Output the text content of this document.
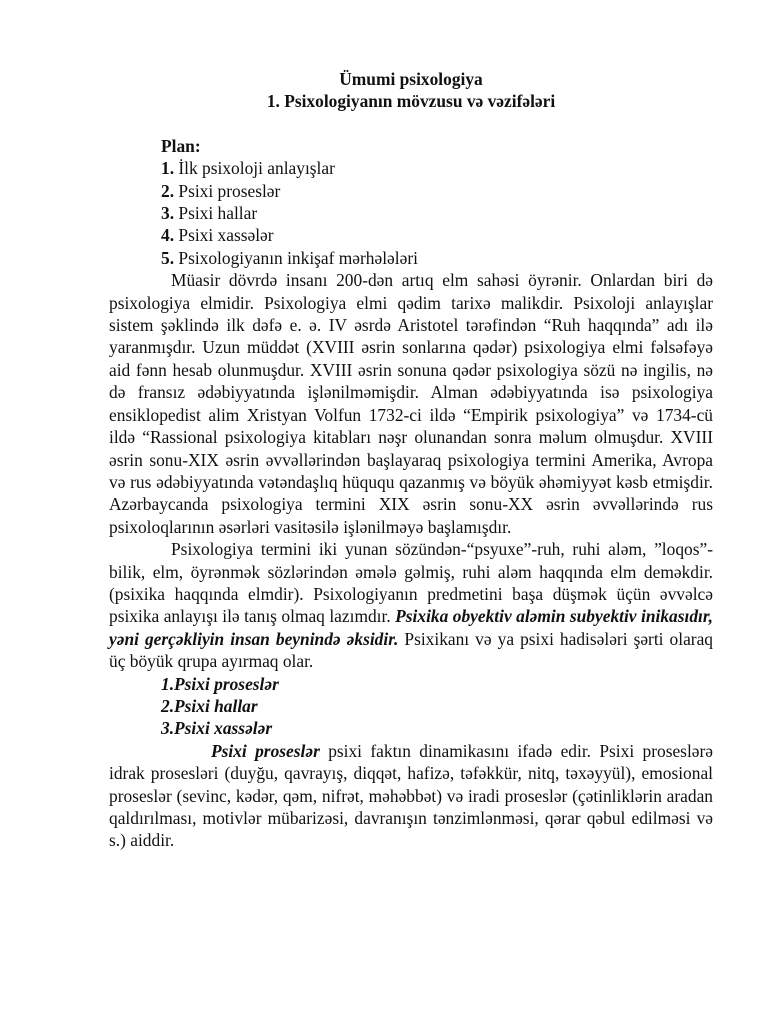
Ümumi psixologiya

1. Psixologiyanın mövzusu və vəzifələri

Plan:

1. İlk psixoloji anlayışlar
2. Psixi proseslər
3. Psixi hallar
4. Psixi xassələr
5. Psixologiyanın inkişaf mərhələləri

Müasir dövrdə insanı 200-dən artıq elm sahəsi öyrənir. Onlardan biri də psixologiya elmidir. Psixologiya elmi qədim tarixə malikdir. Psixoloji anlayışlar sistem şəklində ilk dəfə e. ə. IV əsrdə Aristotel tərəfindən “Ruh haqqında” adı ilə yaranmışdır. Uzun müddət (XVIII əsrin sonlarına qədər) psixologiya elmi fəlsəfəyə aid fənn hesab olunmuşdur. XVIII əsrin sonuna qədər psixologiya sözü nə ingilis, nə də fransız ədəbiyyatında işlənilməmişdir. Alman ədəbiyyatında isə psixologiya ensiklopedist alim Xristyan Volfun 1732-ci ildə “Empirik psixologiya” və 1734-cü ildə “Rassional psixologiya kitabları nəşr olunandan sonra məlum olmuşdur. XVIII əsrin sonu-XIX əsrin əvvəllərindən başlayaraq psixologiya termini Amerika, Avropa və rus ədəbiyyatında vətəndaşlıq hüququ qazanmış və böyük əhəmiyyət kəsb etmişdir. Azərbaycanda psixologiya termini XIX əsrin sonu-XX əsrin əvvəllərində rus psixoloqlarının əsərləri vasitəsilə işlənilməyə başlamışdır.

Psixologiya termini iki yunan sözündən-“psyuxe”-ruh, ruhi aləm, ”loqos”-bilik, elm, öyrənmək sözlərindən əmələ gəlmiş, ruhi aləm haqqında elm deməkdir. (psixika haqqında elmdir). Psixologiyanın predmetini başa düşmək üçün əvvəlcə psixika anlayışı ilə tanış olmaq lazımdır. Psixika obyektiv aləmin subyektiv inikasıdır, yəni gerçəkliyin insan beynində əksidir. Psixikanı və ya psixi hadisələri şərti olaraq üç böyük qrupa ayırmaq olar.

1.Psixi proseslər
2.Psixi hallar
3.Psixi xassələr

Psixi proseslər psixi faktın dinamikasını ifadə edir. Psixi proseslərə idrak prosesləri (duyğu, qavrayış, diqqət, hafizə, təfəkkür, nitq, təxəyyül), emosional proseslər (sevinc, kədər, qəm, nifrət, məhəbbət) və iradi proseslər (çətinliklərin aradan qaldırılması, motivlər mübarizəsi, davranışın tənzimlənməsi, qərar qəbul edilməsi və s.) aiddir.
